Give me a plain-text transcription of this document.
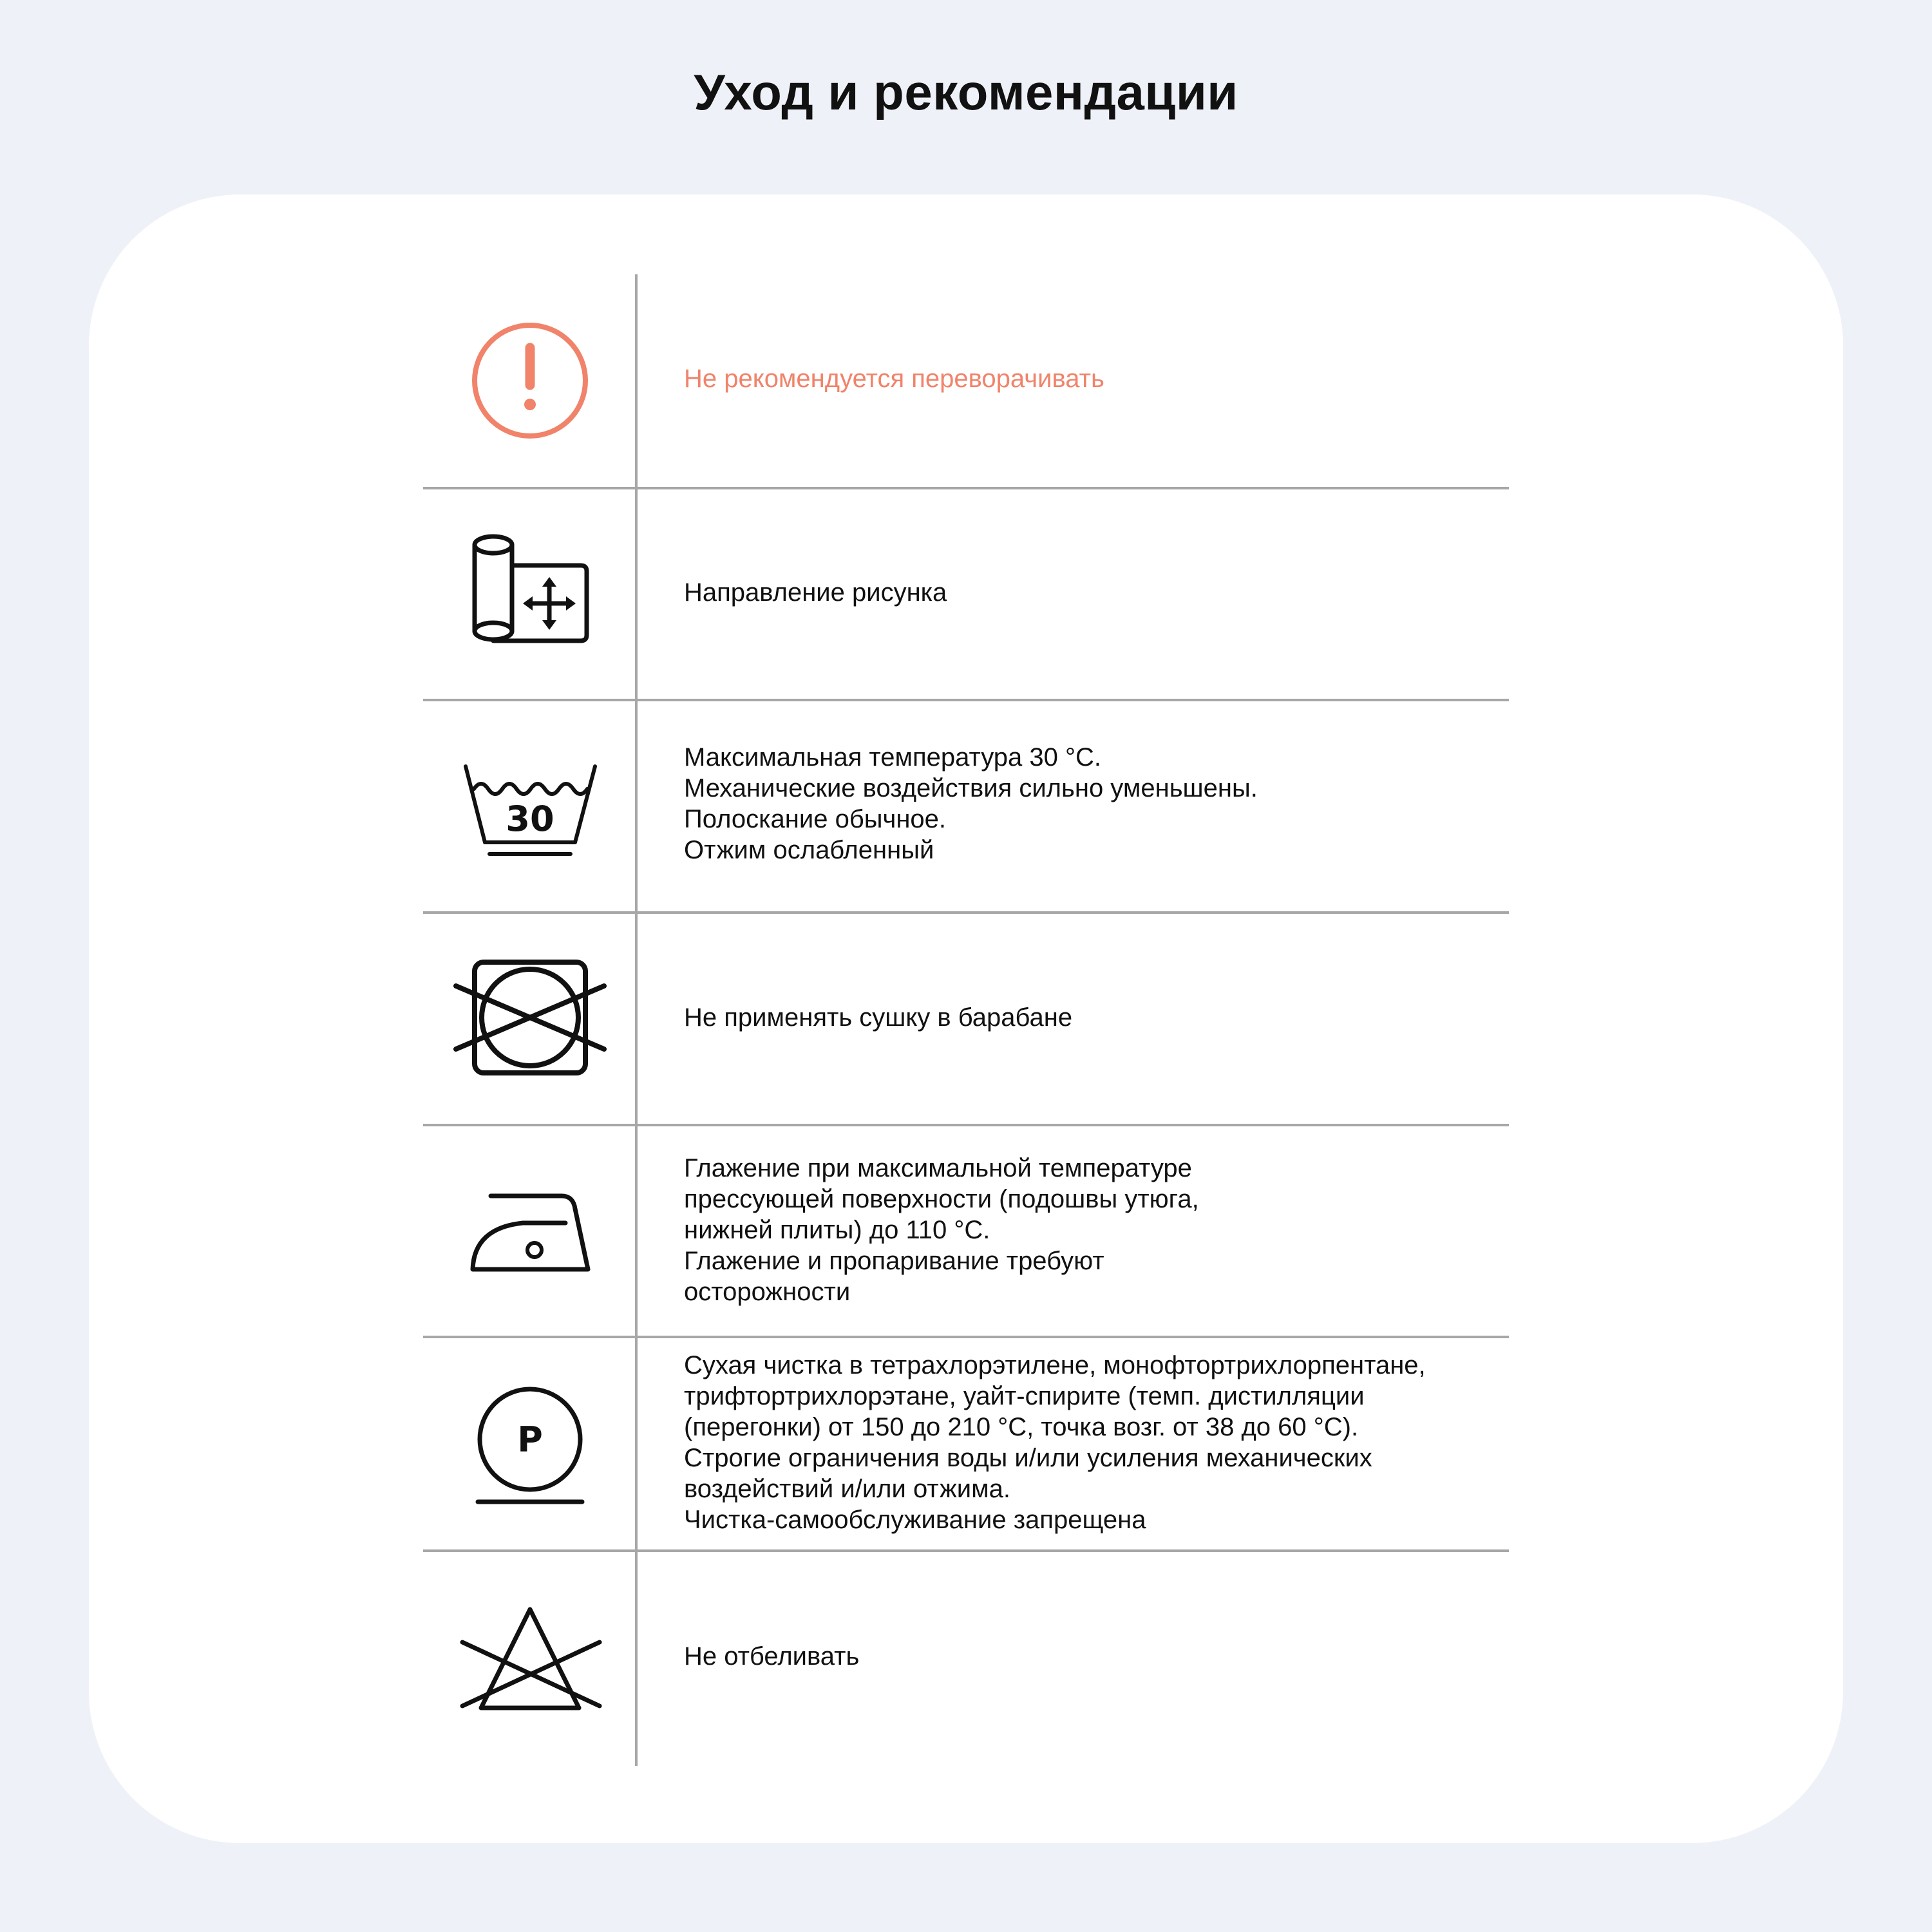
Уход и рекомендации
Не рекомендуется переворачивать
Направление рисунка
30
Максимальная температура 30 °С.
Механические воздействия сильно уменьшены.
Полоскание обычное.
Отжим ослабленный
Не применять сушку в барабане
Глажение при максимальной температуре
прессующей поверхности (подошвы утюга,
нижней плиты) до 110 °С.
Глажение и пропаривание требуют
осторожности
P
Сухая чистка в тетрахлорэтилене, монофтортрихлорпентане,
трифтортрихлорэтане, уайт-спирите (темп. дистилляции
(перегонки) от 150 до 210 °С, точка возг. от 38 до 60 °С).
Строгие ограничения воды и/или усиления механических
воздействий и/или отжима.
Чистка-самообслуживание запрещена
Не отбеливать
